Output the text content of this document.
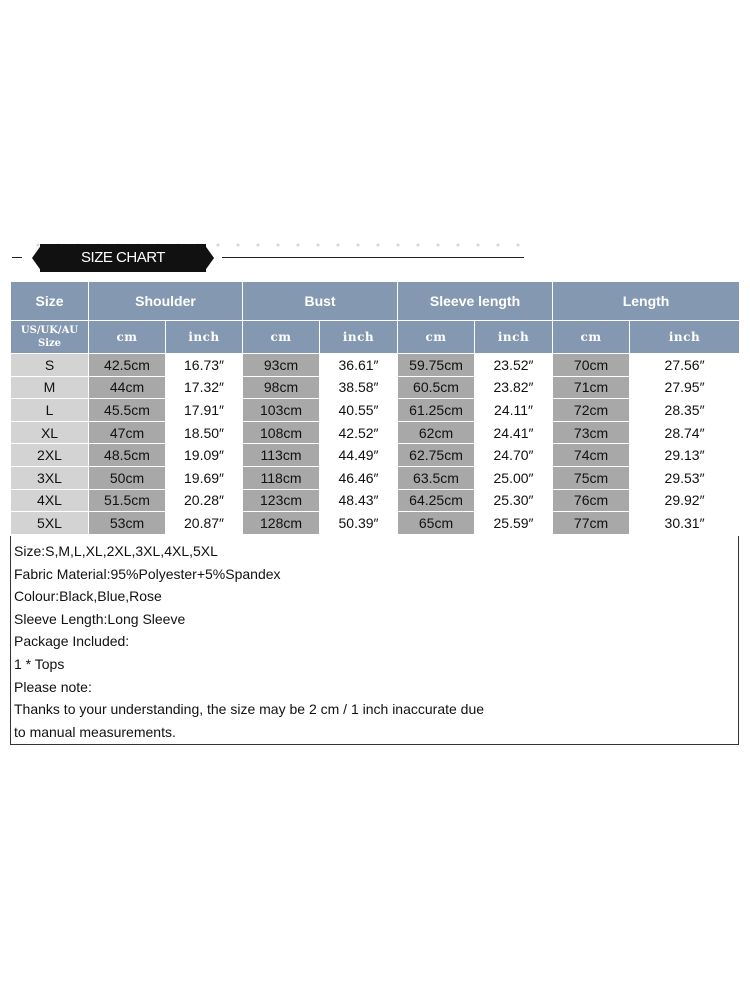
SIZE CHART
Size	Shoulder		Bust		Sleeve length		Length	
US/UK/AU Size	cm	inch	cm	inch	cm	inch	cm	inch
S	42.5cm	16.73″	93cm	36.61″	59.75cm	23.52″	70cm	27.56″
M	44cm	17.32″	98cm	38.58″	60.5cm	23.82″	71cm	27.95″
L	45.5cm	17.91″	103cm	40.55″	61.25cm	24.11″	72cm	28.35″
XL	47cm	18.50″	108cm	42.52″	62cm	24.41″	73cm	28.74″
2XL	48.5cm	19.09″	113cm	44.49″	62.75cm	24.70″	74cm	29.13″
3XL	50cm	19.69″	118cm	46.46″	63.5cm	25.00″	75cm	29.53″
4XL	51.5cm	20.28″	123cm	48.43″	64.25cm	25.30″	76cm	29.92″
5XL	53cm	20.87″	128cm	50.39″	65cm	25.59″	77cm	30.31″
Size:S,M,L,XL,2XL,3XL,4XL,5XL
Fabric Material:95%Polyester+5%Spandex
Colour:Black,Blue,Rose
Sleeve Length:Long Sleeve
Package Included:
1 * Tops
Please note:
Thanks to your understanding, the size may be 2 cm / 1 inch inaccurate due
to manual measurements.
